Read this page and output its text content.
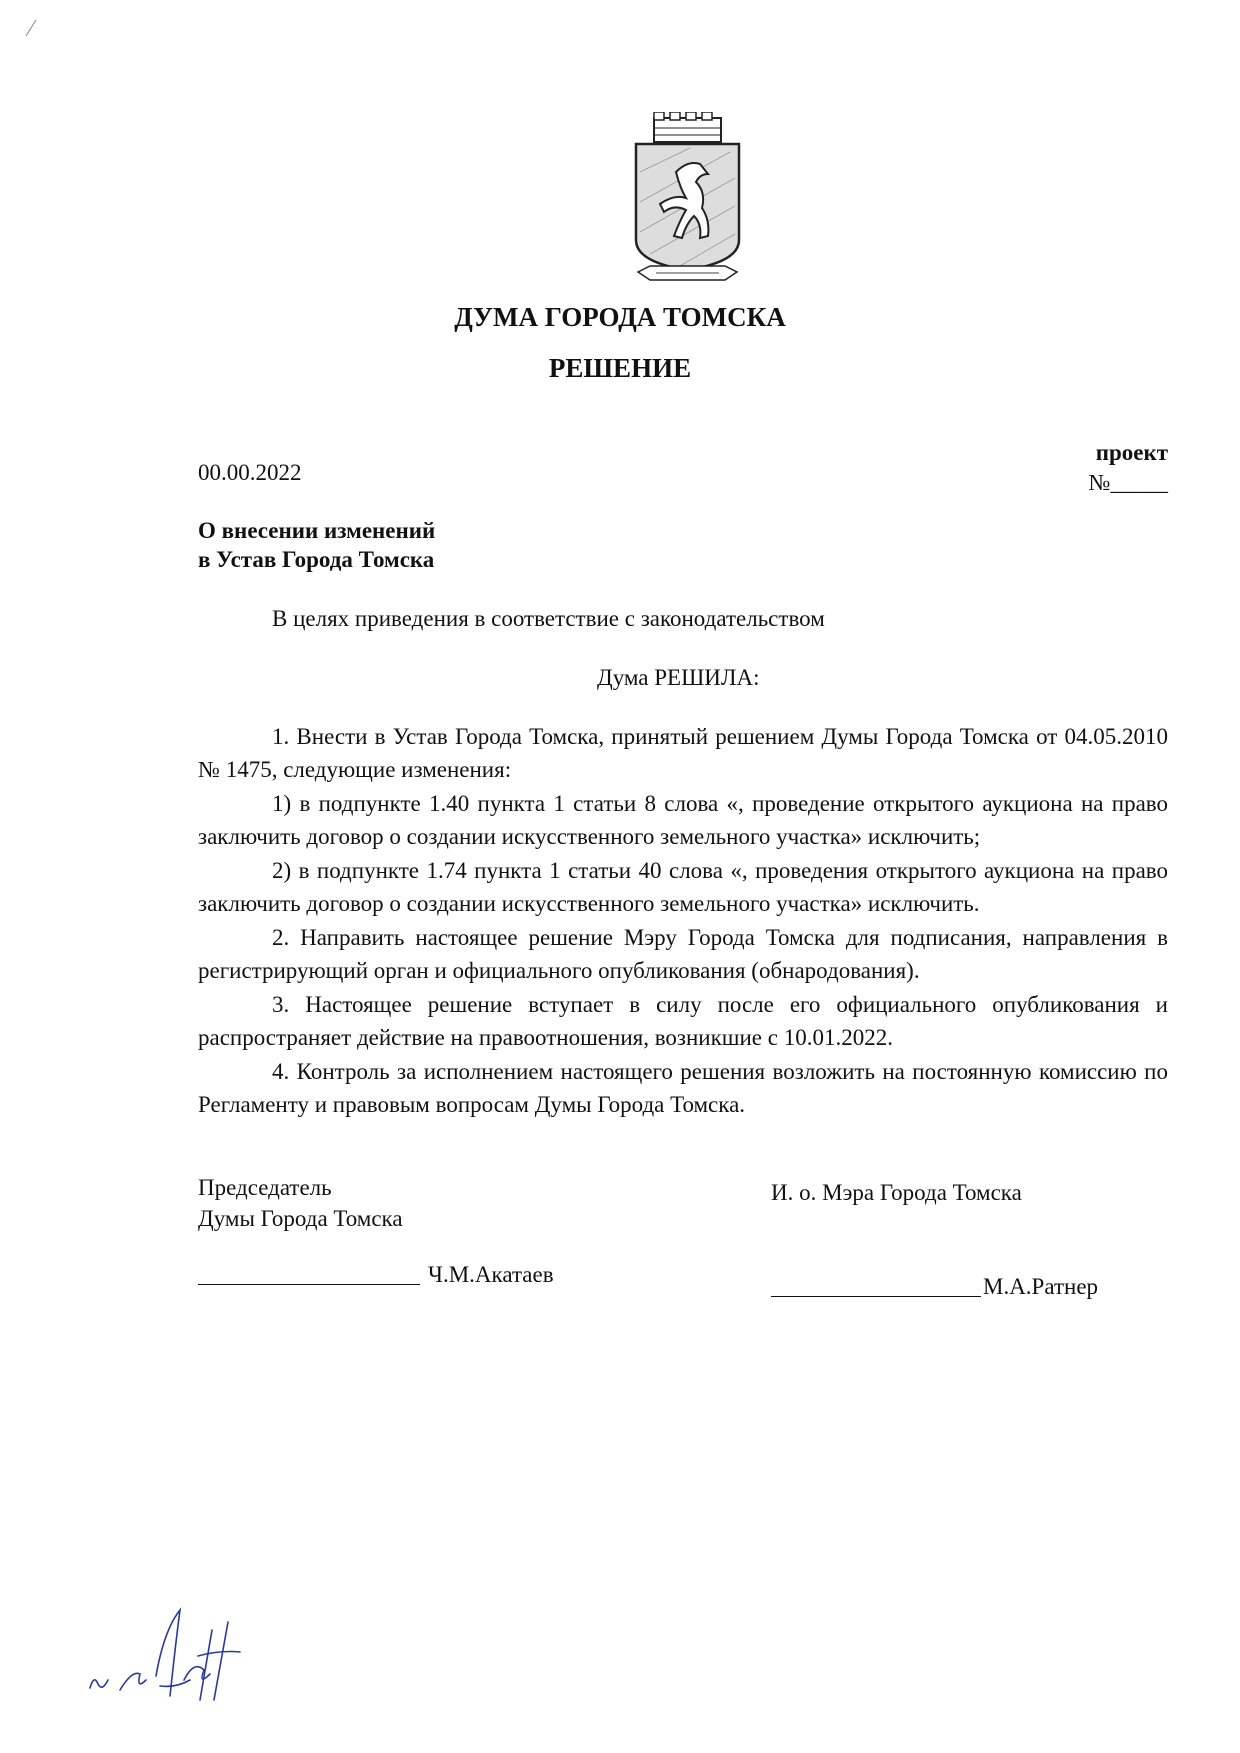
ДУМА ГОРОДА ТОМСКА
РЕШЕНИЕ
00.00.2022
проект
№_____
О внесении изменений
в Устав Города Томска
В целях приведения в соответствие с законодательством
Дума РЕШИЛА:

1. Внести в Устав Города Томска, принятый решением Думы Города Томска от 04.05.2010 № 1475, следующие изменения:

1) в подпункте 1.40 пункта 1 статьи 8 слова «, проведение открытого аукциона на право заключить договор о создании искусственного земельного участка» исключить;

2) в подпункте 1.74 пункта 1 статьи 40 слова «, проведения открытого аукциона на право заключить договор о создании искусственного земельного участка» исключить.

2. Направить настоящее решение Мэру Города Томска для подписания, направления в регистрирующий орган и официального опубликования (обнародования).

3. Настоящее решение вступает в силу после его официального опубликования и распространяет действие на правоотношения, возникшие с 10.01.2022.

4. Контроль за исполнением настоящего решения возложить на постоянную комиссию по Регламенту и правовым вопросам Думы Города Томска.

Председатель
Думы Города Томска
И. о. Мэра Города Томска
Ч.М.Акатаев	М.А.Ратнер
